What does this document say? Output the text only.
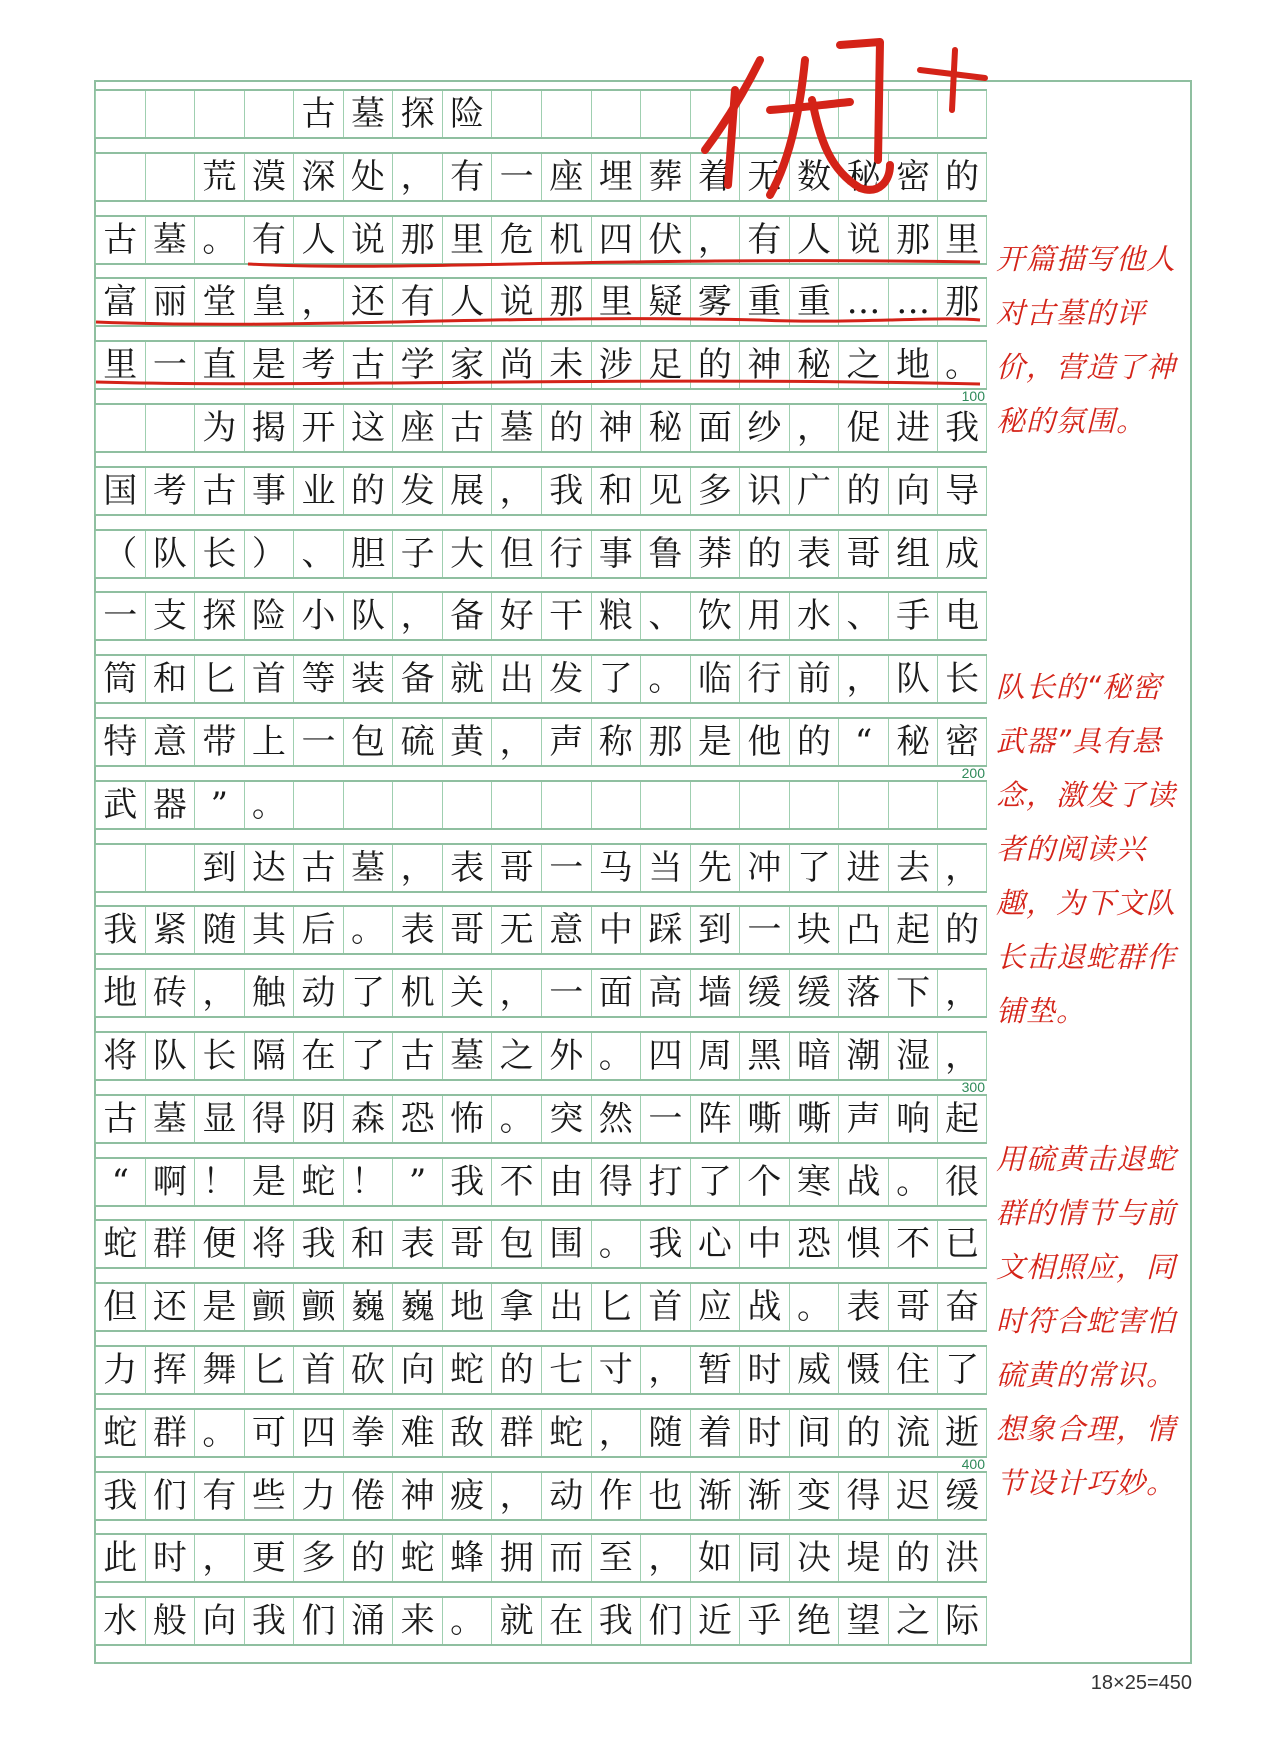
古 墓 探 险
荒 漠 深 处 ， 有 一 座 埋 葬 着 无 数 秘 密 的
古 墓 。 有 人 说 那 里 危 机 四 伏 ， 有 人 说 那 里
富 丽 堂 皇 ， 还 有 人 说 那 里 疑 雾 重 重 … … 那
里 一 直 是 考 古 学 家 尚 未 涉 足 的 神 秘 之 地 。
为 揭 开 这 座 古 墓 的 神 秘 面 纱 ， 促 进 我
国 考 古 事 业 的 发 展 ， 我 和 见 多 识 广 的 向 导
（ 队 长 ） 、 胆 子 大 但 行 事 鲁 莽 的 表 哥 组 成
一 支 探 险 小 队 ， 备 好 干 粮 、 饮 用 水 、 手 电
筒 和 匕 首 等 装 备 就 出 发 了 。 临 行 前 ， 队 长
特 意 带 上 一 包 硫 黄 ， 声 称 那 是 他 的 “ 秘 密
武 器 ” 。
到 达 古 墓 ， 表 哥 一 马 当 先 冲 了 进 去 ，
我 紧 随 其 后 。 表 哥 无 意 中 踩 到 一 块 凸 起 的
地 砖 ， 触 动 了 机 关 ， 一 面 高 墙 缓 缓 落 下 ，
将 队 长 隔 在 了 古 墓 之 外 。 四 周 黑 暗 潮 湿 ，
古 墓 显 得 阴 森 恐 怖 。 突 然 一 阵 嘶 嘶 声 响 起
“ 啊 ！ 是 蛇 ！ ” 我 不 由 得 打 了 个 寒 战 。 很
蛇 群 便 将 我 和 表 哥 包 围 。 我 心 中 恐 惧 不 已
但 还 是 颤 颤 巍 巍 地 拿 出 匕 首 应 战 。 表 哥 奋
力 挥 舞 匕 首 砍 向 蛇 的 七 寸 ， 暂 时 威 慑 住 了
蛇 群 。 可 四 拳 难 敌 群 蛇 ， 随 着 时 间 的 流 逝
我 们 有 些 力 倦 神 疲 ， 动 作 也 渐 渐 变 得 迟 缓
此 时 ， 更 多 的 蛇 蜂 拥 而 至 ， 如 同 决 堤 的 洪
水 般 向 我 们 涌 来 。 就 在 我 们 近 乎 绝 望 之 际
100
200
300
400
开篇描写他人对古墓的评价，营造了神秘的氛围。
队长的“秘密武器”具有悬念，激发了读者的阅读兴趣，为下文队长击退蛇群作铺垫。
用硫黄击退蛇群的情节与前文相照应，同时符合蛇害怕硫黄的常识。想象合理，情节设计巧妙。
18×25=450
